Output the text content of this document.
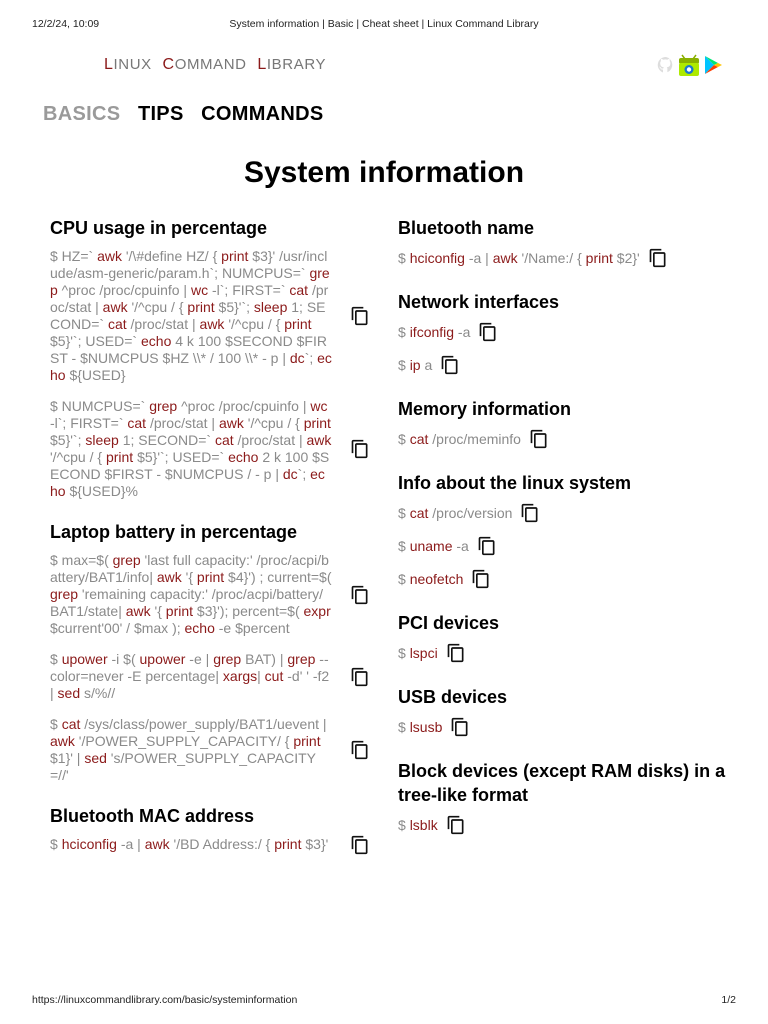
12/2/24, 10:09	System information | Basic | Cheat sheet | Linux Command Library
LINUX COMMAND LIBRARY
BASICS TIPS COMMANDS
System information
CPU usage in percentage
$ HZ=` awk '/\#define HZ/ { print $3}' /usr/include/asm-generic/param.h`; NUMCPUS=` grep ^proc /proc/cpuinfo | wc -l`; FIRST=` cat /proc/stat | awk '/^cpu / { print $5}'`; sleep 1; SECOND=` cat /proc/stat | awk '/^cpu / { print $5}'`; USED=` echo 4 k 100 $SECOND $FIRST - $NUMCPUS $HZ \\* / 100 \\* - p | dc`; echo ${USED}
$ NUMCPUS=` grep ^proc /proc/cpuinfo | wc -l`; FIRST=` cat /proc/stat | awk '/^cpu / { print $5}'`; sleep 1; SECOND=` cat /proc/stat | awk '/^cpu / { print $5}'`; USED=` echo 2 k 100 $SECOND $FIRST - $NUMCPUS / - p | dc`; echo ${USED}%
Laptop battery in percentage
$ max=$( grep 'last full capacity:' /proc/acpi/battery/BAT1/info| awk '{ print $4}') ; current=$( grep 'remaining capacity:' /proc/acpi/battery/BAT1/state| awk '{ print $3}'); percent=$( expr $current'00' / $max ); echo -e $percent
$ upower -i $( upower -e | grep BAT) | grep --color=never -E percentage| xargs| cut -d' ' -f2| sed s/%//
$ cat /sys/class/power_supply/BAT1/uevent | awk '/POWER_SUPPLY_CAPACITY/ { print $1}' | sed 's/POWER_SUPPLY_CAPACITY=//'
Bluetooth MAC address
$ hciconfig -a | awk '/BD Address:/ { print $3}'
Bluetooth name
$ hciconfig -a | awk '/Name:/ { print $2}'
Network interfaces
$ ifconfig -a
$ ip a
Memory information
$ cat /proc/meminfo
Info about the linux system
$ cat /proc/version
$ uname -a
$ neofetch
PCI devices
$ lspci
USB devices
$ lsusb
Block devices (except RAM disks) in a tree-like format
$ lsblk
https://linuxcommandlibrary.com/basic/systeminformation	1/2
